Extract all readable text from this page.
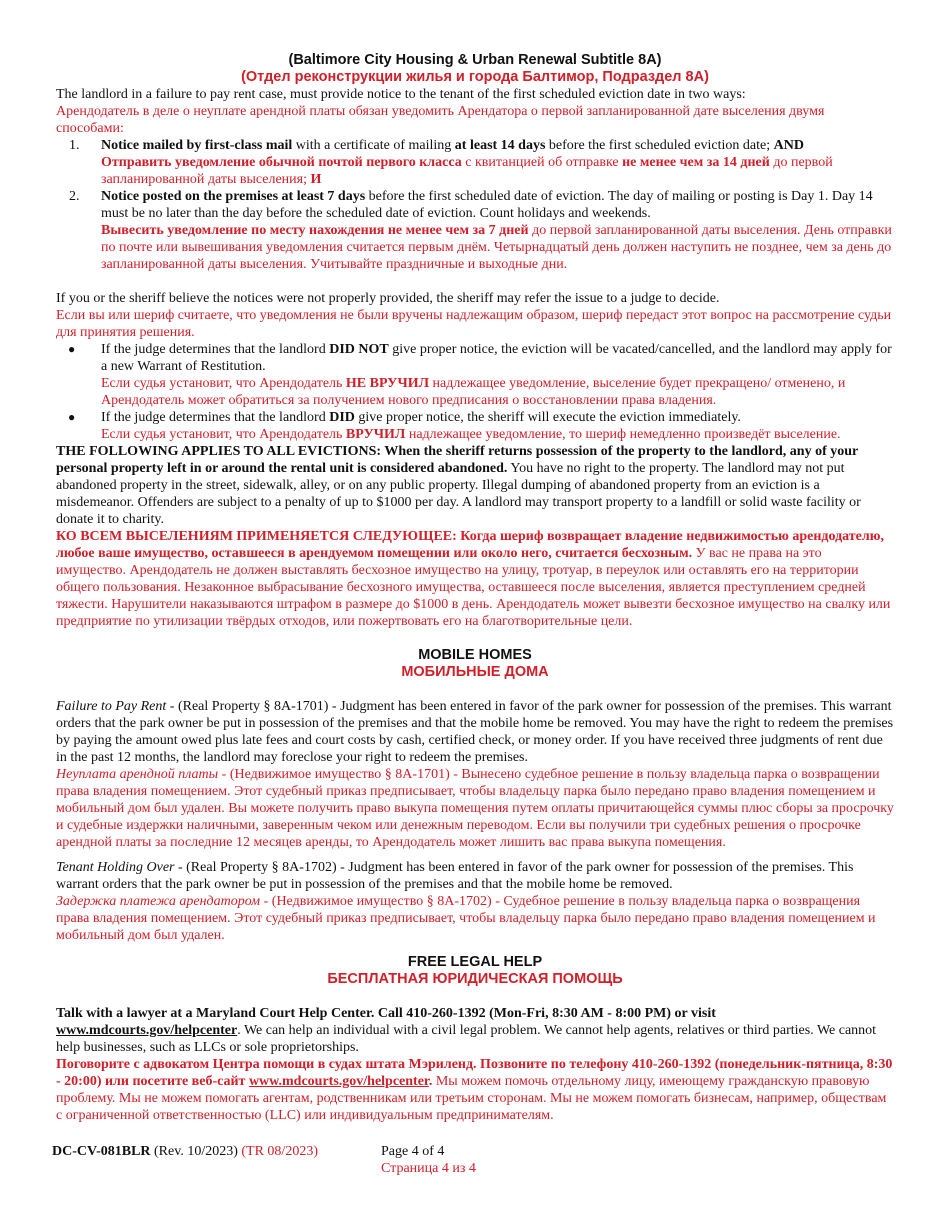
(Baltimore City Housing & Urban Renewal Subtitle 8A)
(Отдел реконструкции жилья и города Балтимор, Подраздел 8А)

The landlord in a failure to pay rent case, must provide notice to the tenant of the first scheduled eviction date in two ways:

Арендодатель в деле о неуплате арендной платы обязан уведомить Арендатора о первой запланированной дате выселения двумя способами:

1. Notice mailed by first-class mail with a certificate of mailing at least 14 days before the first scheduled eviction date; AND
Отправить уведомление обычной почтой первого класса с квитанцией об отправке не менее чем за 14 дней до первой запланированной даты выселения; И
2. Notice posted on the premises at least 7 days before the first scheduled date of eviction. The day of mailing or posting is Day 1. Day 14 must be no later than the day before the scheduled date of eviction. Count holidays and weekends.
Вывесить уведомление по месту нахождения не менее чем за 7 дней до первой запланированной даты выселения. День отправки по почте или вывешивания уведомления считается первым днём. Четырнадцатый день должен наступить не позднее, чем за день до запланированной даты выселения. Учитывайте праздничные и выходные дни.

If you or the sheriff believe the notices were not properly provided, the sheriff may refer the issue to a judge to decide.

Если вы или шериф считаете, что уведомления не были вручены надлежащим образом, шериф передаст этот вопрос на рассмотрение судьи для принятия решения.

● If the judge determines that the landlord DID NOT give proper notice, the eviction will be vacated/cancelled, and the landlord may apply for a new Warrant of Restitution.
Если судья установит, что Арендодатель НЕ ВРУЧИЛ надлежащее уведомление, выселение будет прекращено/ отменено, и Арендодатель может обратиться за получением нового предписания о восстановлении права владения.
● If the judge determines that the landlord DID give proper notice, the sheriff will execute the eviction immediately.
Если судья установит, что Арендодатель ВРУЧИЛ надлежащее уведомление, то шериф немедленно произведёт выселение.

THE FOLLOWING APPLIES TO ALL EVICTIONS: When the sheriff returns possession of the property to the landlord, any of your personal property left in or around the rental unit is considered abandoned. You have no right to the property. The landlord may not put abandoned property in the street, sidewalk, alley, or on any public property. Illegal dumping of abandoned property from an eviction is a misdemeanor. Offenders are subject to a penalty of up to $1000 per day. A landlord may transport property to a landfill or solid waste facility or donate it to charity.

КО ВСЕМ ВЫСЕЛЕНИЯМ ПРИМЕНЯЕТСЯ СЛЕДУЮЩЕЕ: Когда шериф возвращает владение недвижимостью арендодателю, любое ваше имущество, оставшееся в арендуемом помещении или около него, считается бесхозным. У вас не права на это имущество. Арендодатель не должен выставлять бесхозное имущество на улицу, тротуар, в переулок или оставлять его на территории общего пользования. Незаконное выбрасывание бесхозного имущества, оставшееся после выселения, является преступлением средней тяжести. Нарушители наказываются штрафом в размере до $1000 в день. Арендодатель может вывезти бесхозное имущество на свалку или предприятие по утилизации твёрдых отходов, или пожертвовать его на благотворительные цели.

MOBILE HOMES
МОБИЛЬНЫЕ ДОМА

Failure to Pay Rent - (Real Property § 8A-1701) - Judgment has been entered in favor of the park owner for possession of the premises. This warrant orders that the park owner be put in possession of the premises and that the mobile home be removed. You may have the right to redeem the premises by paying the amount owed plus late fees and court costs by cash, certified check, or money order. If you have received three judgments of rent due in the past 12 months, the landlord may foreclose your right to redeem the premises.

Неуплата арендной платы - (Недвижимое имущество § 8A-1701) - Вынесено судебное решение в пользу владельца парка о возвращении права владения помещением. Этот судебный приказ предписывает, чтобы владельцу парка было передано право владения помещением и мобильный дом был удален. Вы можете получить право выкупа помещения путем оплаты причитающейся суммы плюс сборы за просрочку и судебные издержки наличными, заверенным чеком или денежным переводом. Если вы получили три судебных решения о просрочке арендной платы за последние 12 месяцев аренды, то Арендодатель может лишить вас права выкупа помещения.

Tenant Holding Over - (Real Property § 8A-1702) - Judgment has been entered in favor of the park owner for possession of the premises. This warrant orders that the park owner be put in possession of the premises and that the mobile home be removed.

Задержка платежа арендатором - (Недвижимое имущество § 8A-1702) - Судебное решение в пользу владельца парка о возвращения права владения помещением. Этот судебный приказ предписывает, чтобы владельцу парка было передано право владения помещением и мобильный дом был удален.

FREE LEGAL HELP
БЕСПЛАТНАЯ ЮРИДИЧЕСКАЯ ПОМОЩЬ

Talk with a lawyer at a Maryland Court Help Center. Call 410-260-1392 (Mon-Fri, 8:30 AM - 8:00 PM) or visit www.mdcourts.gov/helpcenter. We can help an individual with a civil legal problem. We cannot help agents, relatives or third parties. We cannot help businesses, such as LLCs or sole proprietorships.

Поговорите с адвокатом Центра помощи в судах штата Мэриленд. Позвоните по телефону 410-260-1392 (понедельник-пятница, 8:30 - 20:00) или посетите веб-сайт www.mdcourts.gov/helpcenter. Мы можем помочь отдельному лицу, имеющему гражданскую правовую проблему. Мы не можем помогать агентам, родственникам или третьим сторонам. Мы не можем помогать бизнесам, например, обществам с ограниченной ответственностью (LLC) или индивидуальным предпринимателям.

DC-CV-081BLR (Rev. 10/2023) (TR 08/2023)	Page 4 of 4
Страница 4 из 4
